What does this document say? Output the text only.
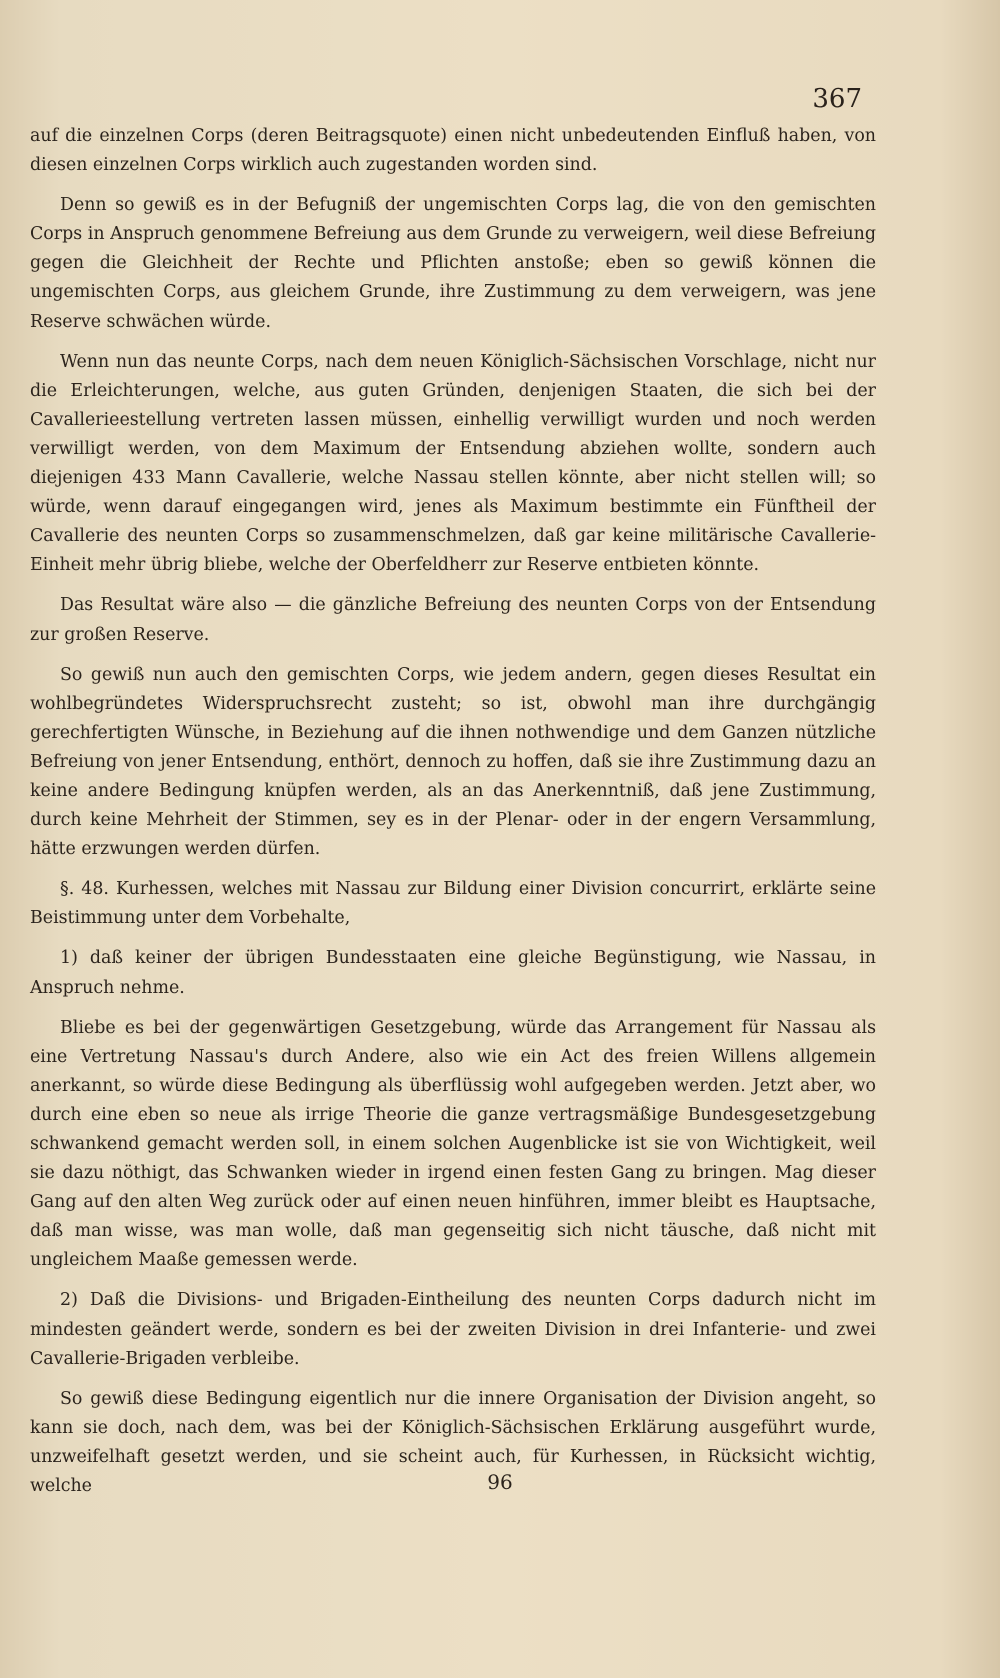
367

auf die einzelnen Corps (deren Beitragsquote) einen nicht unbedeutenden Einfluß haben, von diesen einzelnen Corps wirklich auch zugestanden worden sind.

Denn so gewiß es in der Befugniß der ungemischten Corps lag, die von den gemischten Corps in Anspruch genommene Befreiung aus dem Grunde zu verweigern, weil diese Befreiung gegen die Gleichheit der Rechte und Pflichten anstoße; eben so gewiß können die ungemischten Corps, aus gleichem Grunde, ihre Zustimmung zu dem verweigern, was jene Reserve schwächen würde.

Wenn nun das neunte Corps, nach dem neuen Königlich-Sächsischen Vorschlage, nicht nur die Erleichterungen, welche, aus guten Gründen, denjenigen Staaten, die sich bei der Cavallerieestellung vertreten lassen müssen, einhellig verwilligt wurden und noch werden verwilligt werden, von dem Maximum der Entsendung abziehen wollte, sondern auch diejenigen 433 Mann Cavallerie, welche Nassau stellen könnte, aber nicht stellen will; so würde, wenn darauf eingegangen wird, jenes als Maximum bestimmte ein Fünftheil der Cavallerie des neunten Corps so zusammenschmelzen, daß gar keine militärische Cavallerie-Einheit mehr übrig bliebe, welche der Oberfeldherr zur Reserve entbieten könnte.

Das Resultat wäre also — die gänzliche Befreiung des neunten Corps von der Entsendung zur großen Reserve.

So gewiß nun auch den gemischten Corps, wie jedem andern, gegen dieses Resultat ein wohlbegründetes Widerspruchsrecht zusteht; so ist, obwohl man ihre durchgängig gerechfertigten Wünsche, in Beziehung auf die ihnen nothwendige und dem Ganzen nützliche Befreiung von jener Entsendung, enthört, dennoch zu hoffen, daß sie ihre Zustimmung dazu an keine andere Bedingung knüpfen werden, als an das Anerkenntniß, daß jene Zustimmung, durch keine Mehrheit der Stimmen, sey es in der Plenar- oder in der engern Versammlung, hätte erzwungen werden dürfen.

§. 48. Kurhessen, welches mit Nassau zur Bildung einer Division concurrirt, erklärte seine Beistimmung unter dem Vorbehalte,

1) daß keiner der übrigen Bundesstaaten eine gleiche Begünstigung, wie Nassau, in Anspruch nehme.

Bliebe es bei der gegenwärtigen Gesetzgebung, würde das Arrangement für Nassau als eine Vertretung Nassau's durch Andere, also wie ein Act des freien Willens allgemein anerkannt, so würde diese Bedingung als überflüssig wohl aufgegeben werden. Jetzt aber, wo durch eine eben so neue als irrige Theorie die ganze vertragsmäßige Bundesgesetzgebung schwankend gemacht werden soll, in einem solchen Augenblicke ist sie von Wichtigkeit, weil sie dazu nöthigt, das Schwanken wieder in irgend einen festen Gang zu bringen. Mag dieser Gang auf den alten Weg zurück oder auf einen neuen hinführen, immer bleibt es Hauptsache, daß man wisse, was man wolle, daß man gegenseitig sich nicht täusche, daß nicht mit ungleichem Maaße gemessen werde.

2) Daß die Divisions- und Brigaden-Eintheilung des neunten Corps dadurch nicht im mindesten geändert werde, sondern es bei der zweiten Division in drei Infanterie- und zwei Cavallerie-Brigaden verbleibe.

So gewiß diese Bedingung eigentlich nur die innere Organisation der Division angeht, so kann sie doch, nach dem, was bei der Königlich-Sächsischen Erklärung ausgeführt wurde, unzweifelhaft gesetzt werden, und sie scheint auch, für Kurhessen, in Rücksicht wichtig, welche	96
